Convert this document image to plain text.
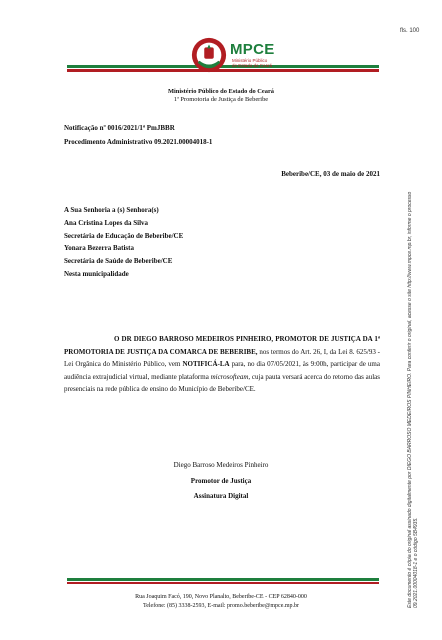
fls. 100
MPCE
Ministério Público
do Estado do Ceará
Ministério Público do Estado do Ceará
1ª Promotoria de Justiça de Beberibe
Notificação nº 0016/2021/1ª PmJBBR
Procedimento Administrativo 09.2021.00004018-1
Beberibe/CE, 03 de maio de 2021
A Sua Senhoria a (s) Senhora(s)
Ana Cristina Lopes da Silva
Secretária de Educação de Beberibe/CE
Yonara Bezerra Batista
Secretária de Saúde de Beberibe/CE
Nesta municipalidade
O DR DIEGO BARROSO MEDEIROS PINHEIRO, PROMOTOR DE JUSTIÇA DA 1ª PROMOTORIA DE JUSTIÇA DA COMARCA DE BEBERIBE, nos termos do Art. 26, I, da Lei 8. 625/93 - Lei Orgânica do Ministério Público, vem NOTIFICÁ-LA para, no dia 07/05/2021, às 9:00h, participar de uma audiência extrajudicial virtual, mediante plataforma microsofteam, cuja pauta versará acerca do retorno das aulas presenciais na rede pública de ensino do Município de Beberibe/CE.
Diego Barroso Medeiros Pinheiro
Promotor de Justiça
Assinatura Digital
Rua Joaquim Facó, 190, Novo Planalto, Beberibe-CE - CEP 62840-000
Telefone: (85) 3338-2593, E-mail: promo.beberibe@mpce.mp.br	Este documento é cópia do original assinado digitalmente por DIEGO BARROSO MEDEIROS PINHEIRO. Para conferir o original, acesse o site http://www.mpce.mp.br, informe o processo 09.2021.00004018-1 e o código 5B4935.
